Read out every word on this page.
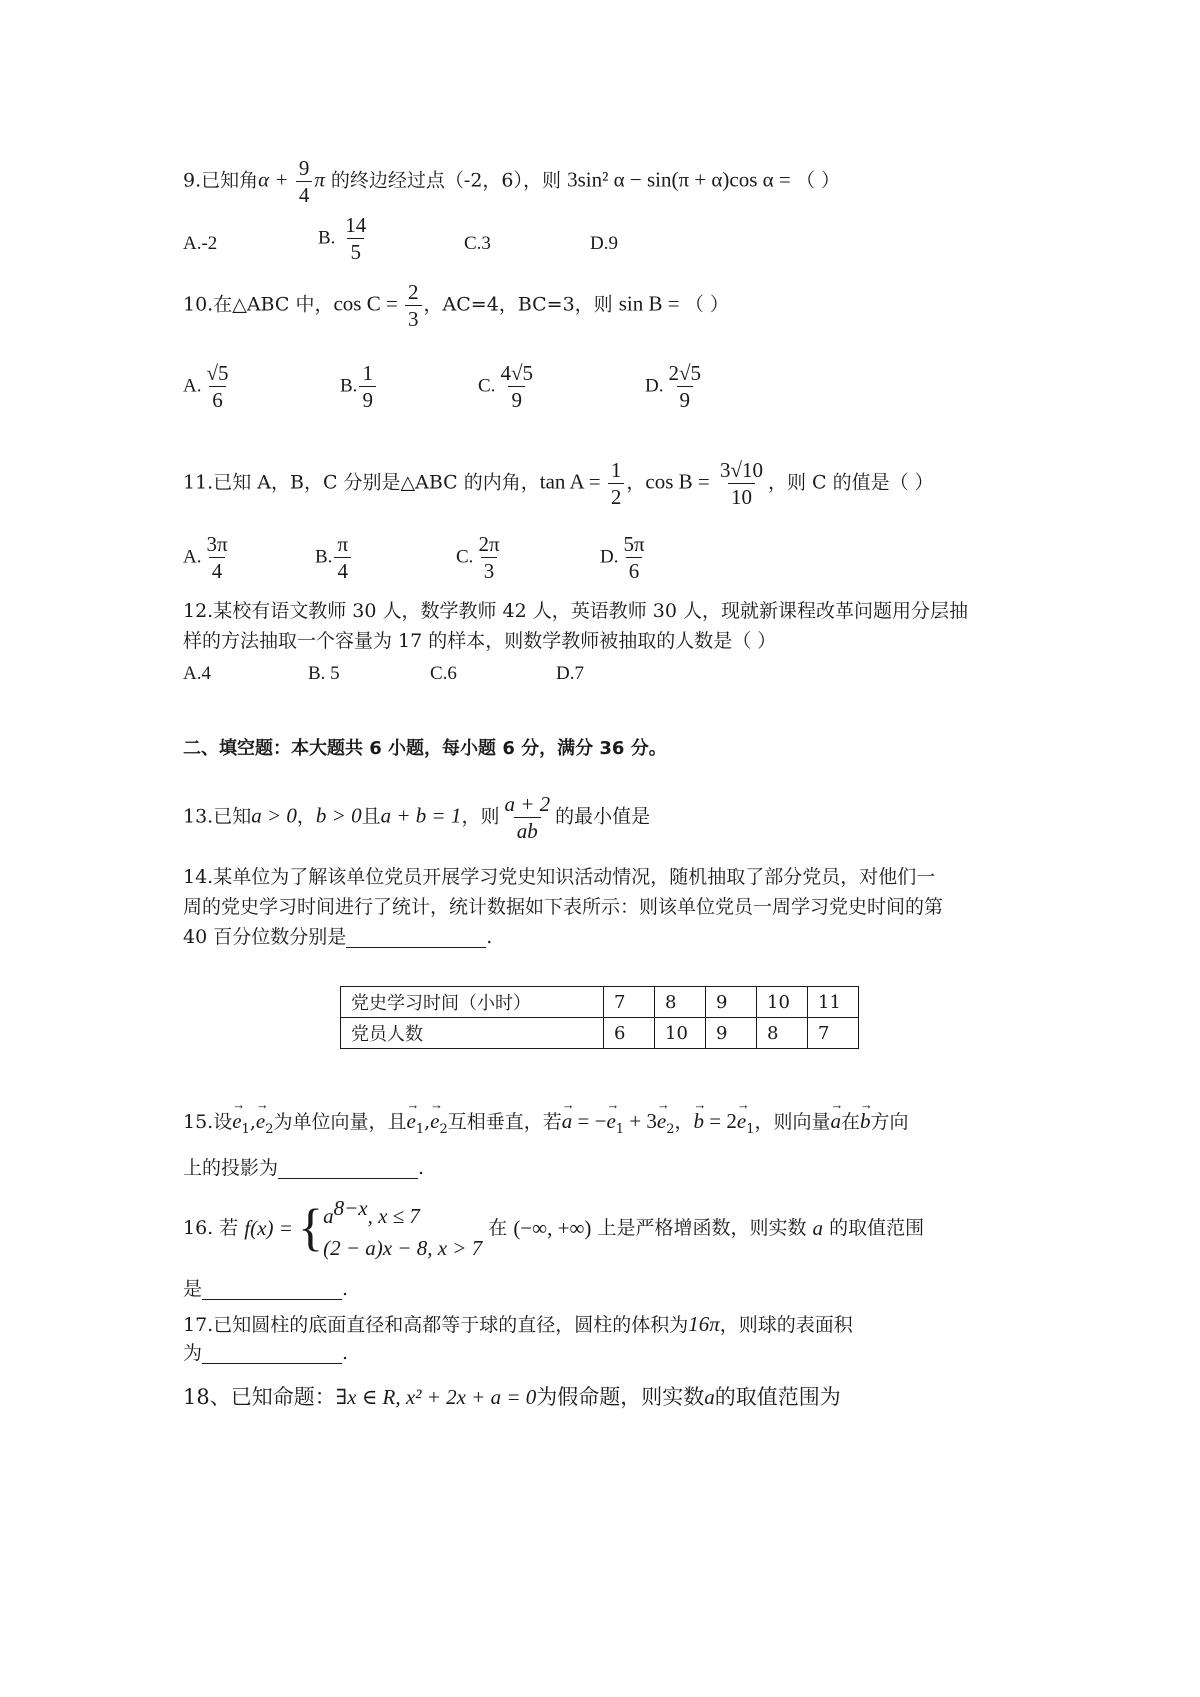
9.已知角$\alpha + \frac{9}{4}$ π 的终边经过点（-2，6），则 3sin² α − sin(π + α)cos α = （ ）
A.-2	B. $\frac{14}{5}$	C.3	D.9
10.在△ABC 中，$\cos C = \frac{2}{3}$ ，AC=4，BC=3，则 sin B = （ ）
A. $\frac{√5}{6}$	B. $\frac{1}{9}$	C. $\frac{4√5}{9}$	D. $\frac{2√5}{9}$
11.已知 A，B，C 分别是△ABC 的内角，$\tan A = \frac{1}{2}$ ，$\cos B = \frac{3√10}{10}$ ，则 C 的值是（ ）
A. $\frac{3\pi}{4}$	B. $\frac{\pi}{4}$	C. $\frac{2\pi}{3}$	D. $\frac{5\pi}{6}$
12.某校有语文教师 30 人，数学教师 42 人，英语教师 30 人，现就新课程改革问题用分层抽
样的方法抽取一个容量为 17 的样本，则数学教师被抽取的人数是（ ）
A.4	B. 5	C.6	D.7
二、填空题：本大题共 6 小题，每小题 6 分，满分 36 分。
13.已知a > 0，b > 0且a + b = 1，则 $\frac{a + 2}{ab}$ 的最小值是
14.某单位为了解该单位党员开展学习党史知识活动情况，随机抽取了部分党员，对他们一
周的党史学习时间进行了统计，统计数据如下表所示：则该单位党员一周学习党史时间的第
40 百分位数分别是	.
党史学习时间（小时）	7	8	9	10	11
党员人数	6	10	9	8	7
15.设→ $e_1,\to e_2$为单位向量，且→ $e_1,\to e_2$互相垂直，若→ a = −→ $e_1 + 3\to e_2$，→ $b = 2\to e_1$，则向量→ a在→ b方向
上的投影为	.
16. 若 f(x) = { $a^{8-x}$, x ≤ 7
(2 − a)x − 8, x > 7
在 (−∞, +∞) 上是严格增函数，则实数 a 的取值范围
是	.
17.已知圆柱的底面直径和高都等于球的直径，圆柱的体积为16π，则球的表面积
为	.
18、已知命题：∃x ∈ R, x² + 2x + a = 0为假命题，则实数a的取值范围为
